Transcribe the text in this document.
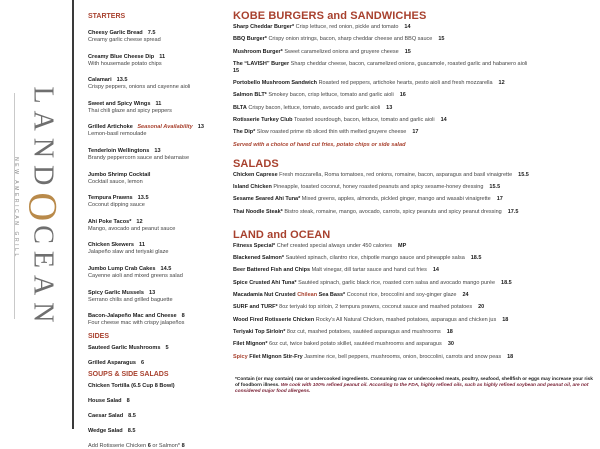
LAND
O
CEAN
NEW AMERICAN GRILL
STARTERS
Cheesy Garlic Bread 7.5
Creamy garlic cheese spread
Creamy Blue Cheese Dip 11
With housemade potato chips
Calamari 13.5
Crispy peppers, onions and cayenne aioli
Sweet and Spicy Wings 11
Thai chili glaze and spicy peppers
Grilled Artichoke Seasonal Availability 13
Lemon-basil remoulade
Tenderloin Wellingtons 13
Brandy peppercorn sauce and béarnaise
Jumbo Shrimp Cocktail
Cocktail sauce, lemon
Tempura Prawns 13.5
Coconut dipping sauce
Ahi Poke Tacos* 12
Mango, avocado and peanut sauce
Chicken Skewers 11
Jalapeño slaw and teriyaki glaze
Jumbo Lump Crab Cakes 14.5
Cayenne aioli and mixed greens salad
Spicy Garlic Mussels 13
Serrano chilis and grilled baguette
Bacon-Jalapeño Mac and Cheese 8
Four cheese mac with crispy jalapeños
SIDES
Sauteed Garlic Mushrooms 5
Grilled Asparagus 6
SOUPS & SIDE SALADS
Chicken Tortilla (6.5 Cup 8 Bowl)
House Salad 8
Caesar Salad 8.5
Wedge Salad 8.5
Add Rotisserie Chicken 6 or Salmon* 8
KOBE BURGERS and SANDWICHES
Sharp Cheddar Burger* Crisp lettuce, red onion, pickle and tomato 14
BBQ Burger* Crispy onion strings, bacon, sharp cheddar cheese and BBQ sauce 15
Mushroom Burger* Sweet caramelized onions and gruyere cheese 15
The “LAVISH” Burger Sharp cheddar cheese, bacon, caramelized onions, guacamole, roasted garlic and habanero aioli
15
Portobello Mushroom Sandwich Roasted red peppers, artichoke hearts, pesto aioli and fresh mozzarella 12
Salmon BLT* Smokey bacon, crisp lettuce, tomato and garlic aioli 16
BLTA Crispy bacon, lettuce, tomato, avocado and garlic aioli 13
Rotisserie Turkey Club Toasted sourdough, bacon, lettuce, tomato and garlic aioli 14
The Dip* Slow roasted prime rib sliced thin with melted gruyere cheese 17
Served with a choice of hand cut fries, potato chips or side salad
SALADS
Chicken Caprese Fresh mozzarella, Roma tomatoes, red onions, romaine, bacon, asparagus and basil vinaigrette 15.5
Island Chicken Pineapple, toasted coconut, honey roasted peanuts and spicy sesame-honey dressing 15.5
Sesame Seared Ahi Tuna* Mixed greens, apples, almonds, pickled ginger, mango and wasabi vinaigrette 17
Thai Noodle Steak* Bistro steak, romaine, mango, avocado, carrots, spicy peanuts and spicy peanut dressing 17.5
LAND and OCEAN
Fitness Special* Chef created special always under 450 calories MP
Blackened Salmon* Sautéed spinach, cilantro rice, chipotle mango sauce and pineapple salsa 18.5
Beer Battered Fish and Chips Malt vinegar, dill tartar sauce and hand cut fries 14
Spice Crusted Ahi Tuna* Sautéed spinach, garlic black rice, roasted corn salsa and avocado mango purée 18.5
Macadamia Nut Crusted Chilean Sea Bass* Coconut rice, broccolini and soy-ginger glaze 24
SURF and TURF* 8oz teriyaki top sirloin, 2 tempura prawns, coconut sauce and mashed potatoes 20
Wood Fired Rotisserie Chicken Rocky's All Natural Chicken, mashed potatoes, asparagus and chicken jus 18
Teriyaki Top Sirloin* 8oz cut, mashed potatoes, sautéed asparagus and mushrooms 18
Filet Mignon* 6oz cut, twice baked potato skillet, sautéed mushrooms and asparagus 30
Spicy Filet Mignon Stir-Fry Jasmine rice, bell peppers, mushrooms, onion, broccolini, carrots and snow peas 18
*Contain (or may contain) raw or undercooked ingredients. Consuming raw or undercooked meats, poultry, seafood, shellfish or eggs may increase your risk of foodborn illness. We cook with 100% refined peanut oil. According to the FDA, highly refined oils, such as highly refined soybean and peanut oil, are not considered major food allergens.
